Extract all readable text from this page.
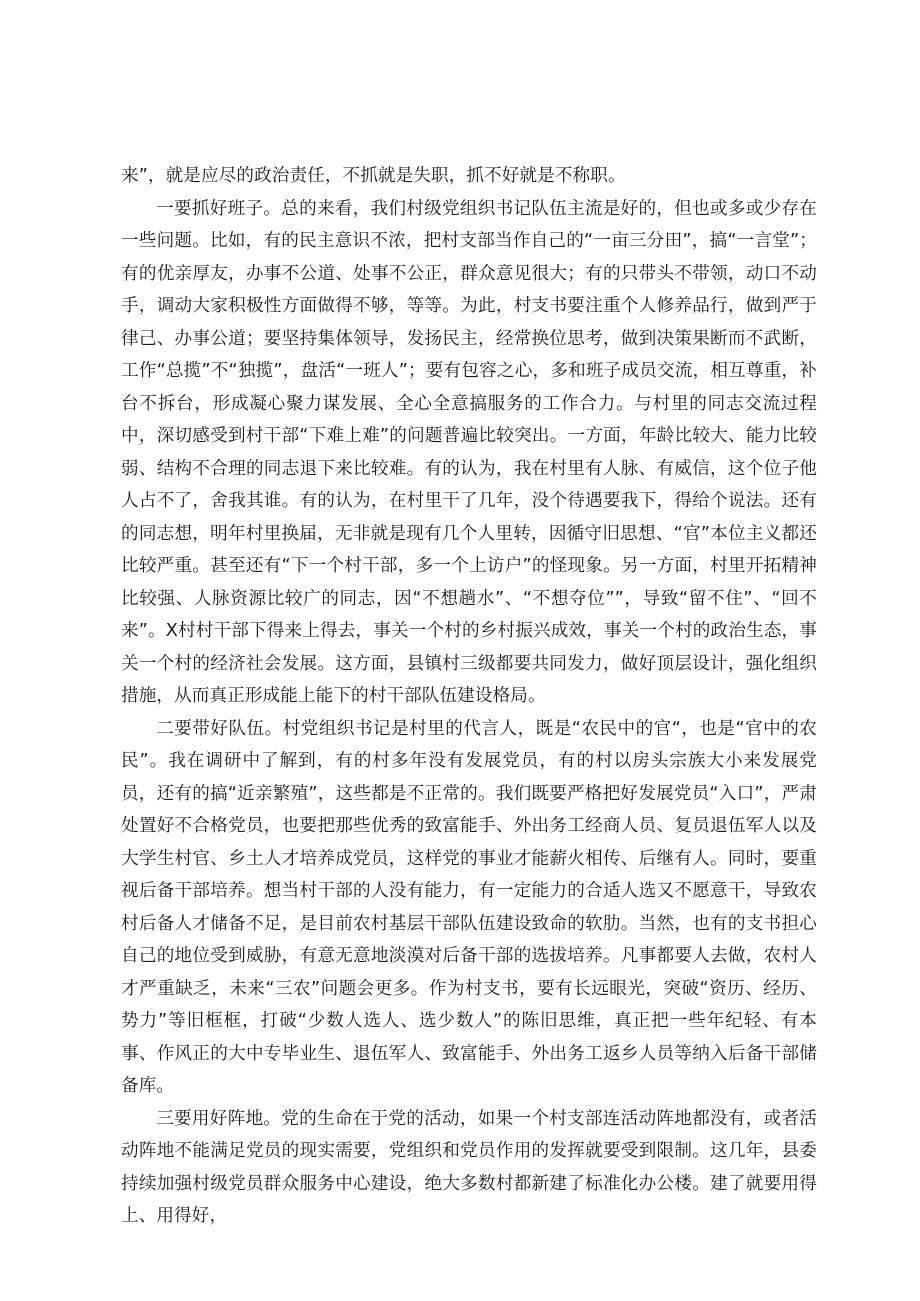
来”，就是应尽的政治责任，不抓就是失职，抓不好就是不称职。

一要抓好班子。总的来看，我们村级党组织书记队伍主流是好的，但也或多或少存在一些问题。比如，有的民主意识不浓，把村支部当作自己的“一亩三分田”，搞“一言堂”；有的优亲厚友，办事不公道、处事不公正，群众意见很大；有的只带头不带领，动口不动手，调动大家积极性方面做得不够，等等。为此，村支书要注重个人修养品行，做到严于律己、办事公道；要坚持集体领导，发扬民主，经常换位思考，做到决策果断而不武断，工作“总揽”不“独揽”，盘活“一班人”；要有包容之心，多和班子成员交流，相互尊重，补台不拆台，形成凝心聚力谋发展、全心全意搞服务的工作合力。与村里的同志交流过程中，深切感受到村干部“下难上难”的问题普遍比较突出。一方面，年龄比较大、能力比较弱、结构不合理的同志退下来比较难。有的认为，我在村里有人脉、有威信，这个位子他人占不了，舍我其谁。有的认为，在村里干了几年，没个待遇要我下，得给个说法。还有的同志想，明年村里换届，无非就是现有几个人里转，因循守旧思想、“官”本位主义都还比较严重。甚至还有“下一个村干部，多一个上访户”的怪现象。另一方面，村里开拓精神比较强、人脉资源比较广的同志，因“不想趟水”、“不想夺位””，导致“留不住”、“回不来”。X村村干部下得来上得去，事关一个村的乡村振兴成效，事关一个村的政治生态，事关一个村的经济社会发展。这方面，县镇村三级都要共同发力，做好顶层设计，强化组织措施，从而真正形成能上能下的村干部队伍建设格局。

二要带好队伍。村党组织书记是村里的代言人，既是“农民中的官“，也是“官中的农民”。我在调研中了解到，有的村多年没有发展党员，有的村以房头宗族大小来发展党员，还有的搞“近亲繁殖”，这些都是不正常的。我们既要严格把好发展党员“入口”，严肃处置好不合格党员，也要把那些优秀的致富能手、外出务工经商人员、复员退伍军人以及大学生村官、乡土人才培养成党员，这样党的事业才能薪火相传、后继有人。同时，要重视后备干部培养。想当村干部的人没有能力，有一定能力的合适人选又不愿意干，导致农村后备人才储备不足，是目前农村基层干部队伍建设致命的软肋。当然，也有的支书担心自己的地位受到威胁，有意无意地淡漠对后备干部的选拔培养。凡事都要人去做，农村人才严重缺乏，未来“三农”问题会更多。作为村支书，要有长远眼光，突破“资历、经历、势力”等旧框框，打破“少数人选人、选少数人”的陈旧思维，真正把一些年纪轻、有本事、作风正的大中专毕业生、退伍军人、致富能手、外出务工返乡人员等纳入后备干部储备库。

三要用好阵地。党的生命在于党的活动，如果一个村支部连活动阵地都没有，或者活动阵地不能满足党员的现实需要，党组织和党员作用的发挥就要受到限制。这几年，县委持续加强村级党员群众服务中心建设，绝大多数村都新建了标准化办公楼。建了就要用得上、用得好，
